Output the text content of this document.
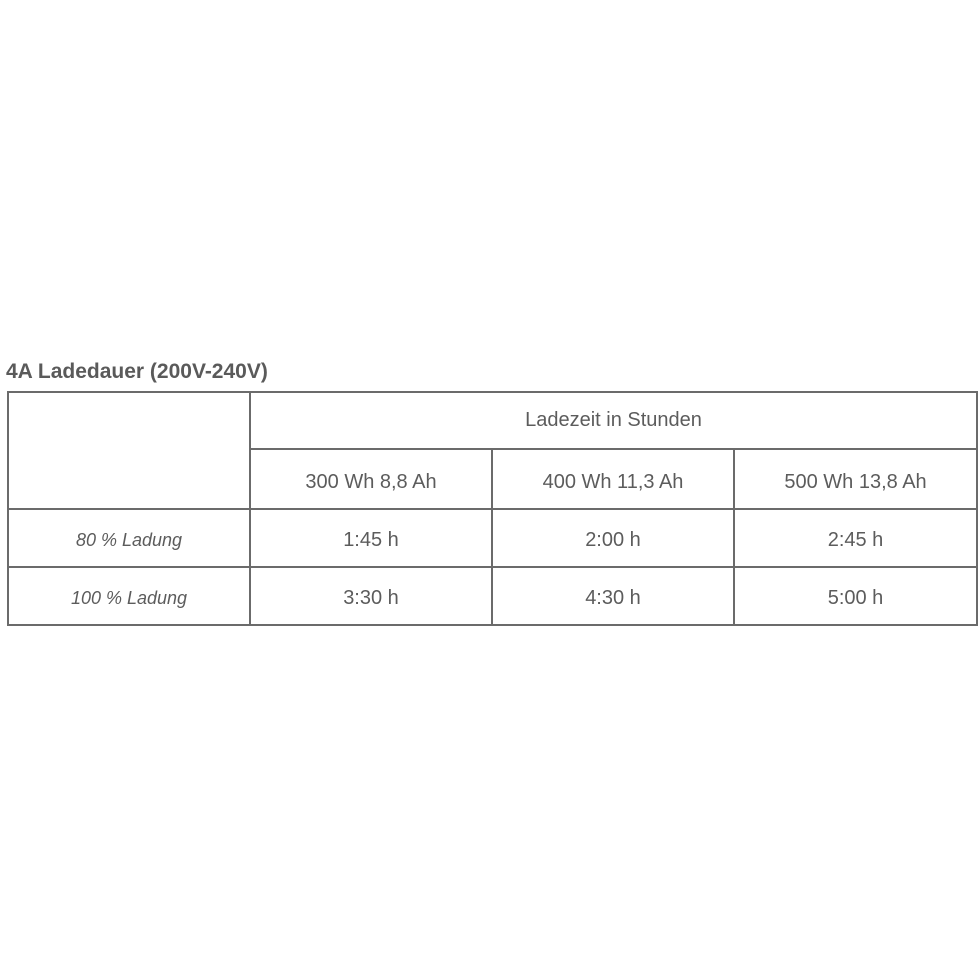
4A Ladedauer (200V-240V)
	Ladezeit in Stunden		
	300 Wh 8,8 Ah	400 Wh 11,3 Ah	500 Wh 13,8 Ah
80 % Ladung	1:45 h	2:00 h	2:45 h
100 % Ladung	3:30 h	4:30 h	5:00 h
